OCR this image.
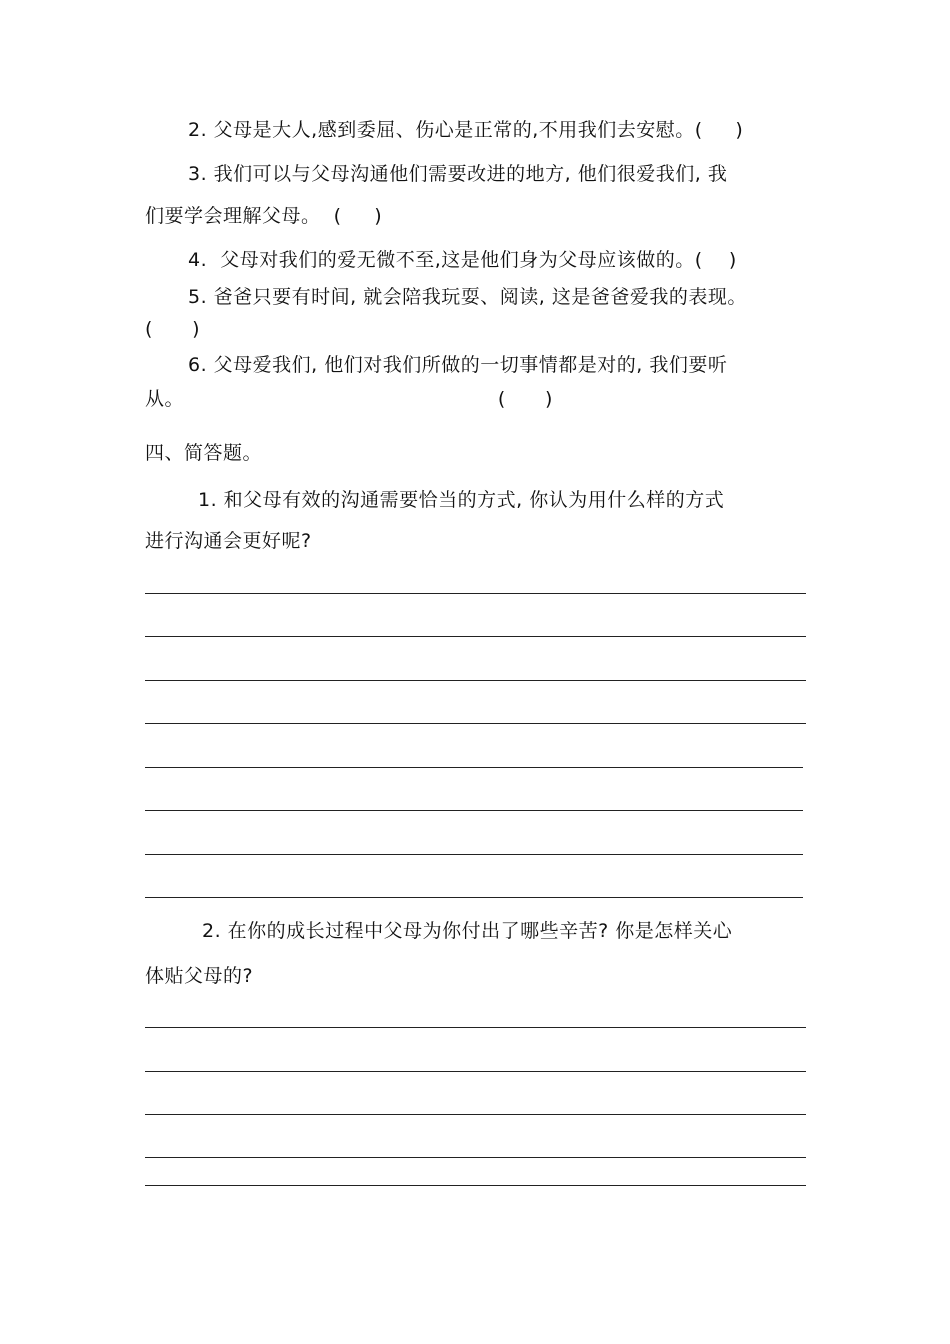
2. 父母是大人,感到委屈、伤心是正常的,不用我们去安慰。(     )
3. 我们可以与父母沟通他们需要改进的地方, 他们很爱我们, 我
们要学会理解父母。  (     )
4.  父母对我们的爱无微不至,这是他们身为父母应该做的。(    )
5. 爸爸只要有时间, 就会陪我玩耍、阅读, 这是爸爸爱我的表现。
(      )
6. 父母爱我们, 他们对我们所做的一切事情都是对的, 我们要听
从。                                                (      )
四、简答题。
1. 和父母有效的沟通需要恰当的方式, 你认为用什么样的方式
进行沟通会更好呢?
2. 在你的成长过程中父母为你付出了哪些辛苦? 你是怎样关心
体贴父母的?
